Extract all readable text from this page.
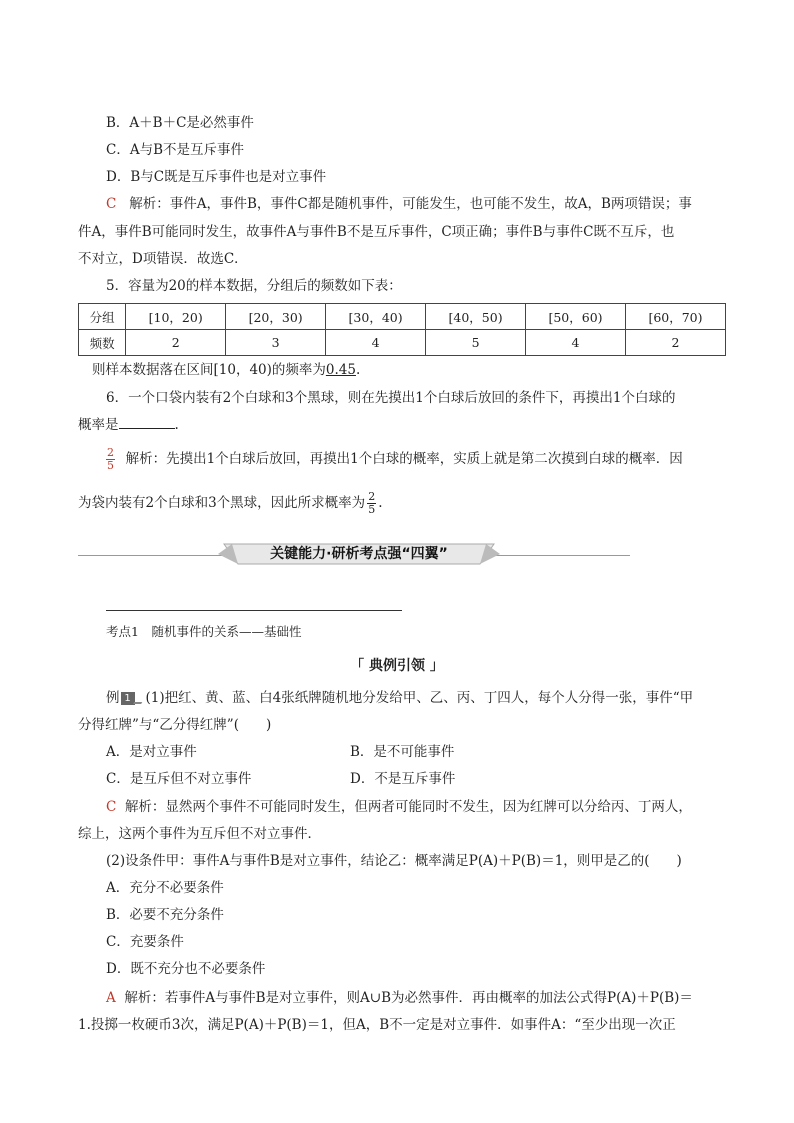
B．A＋B＋C是必然事件
C．A与B不是互斥事件
D．B与C既是互斥事件也是对立事件
C 解析：事件A，事件B，事件C都是随机事件，可能发生，也可能不发生，故A，B两项错误；事
件A，事件B可能同时发生，故事件A与事件B不是互斥事件，C项正确；事件B与事件C既不互斥，也
不对立，D项错误．故选C．
5．容量为20的样本数据，分组后的频数如下表：
分组	[10，20)	[20，30)	[30，40)	[40，50)	[50，60)	[60，70)
频数	2	3	4	5	4	2
则样本数据落在区间[10，40)的频率为0.45.
6．一个口袋内装有2个白球和3个黑球，则在先摸出1个白球后放回的条件下，再摸出1个白球的
概率是	.
$\frac{2}{5}$ 解析：先摸出1个白球后放回，再摸出1个白球的概率，实质上就是第二次摸到白球的概率．因
为袋内装有2个白球和3个黑球，因此所求概率为 $\frac{2}{5}$ .
关键能力·研析考点强“四翼”
考点1　随机事件的关系——基础性
「 典例引领 」
例 1 (1)把红、黄、蓝、白4张纸牌随机地分发给甲、乙、丙、丁四人，每个人分得一张，事件“甲
分得红牌”与“乙分得红牌”(　　)
A．是对立事件	B．是不可能事件
C．是互斥但不对立事件	D．不是互斥事件
C 解析：显然两个事件不可能同时发生，但两者可能同时不发生，因为红牌可以分给丙、丁两人，
综上，这两个事件为互斥但不对立事件．
(2)设条件甲：事件A与事件B是对立事件，结论乙：概率满足P(A)＋P(B)＝1，则甲是乙的(　　)
A．充分不必要条件
B．必要不充分条件
C．充要条件
D．既不充分也不必要条件
A 解析：若事件A与事件B是对立事件，则A∪B为必然事件．再由概率的加法公式得P(A)＋P(B)＝
1.投掷一枚硬币3次，满足P(A)＋P(B)＝1，但A，B不一定是对立事件．如事件A：“至少出现一次正
